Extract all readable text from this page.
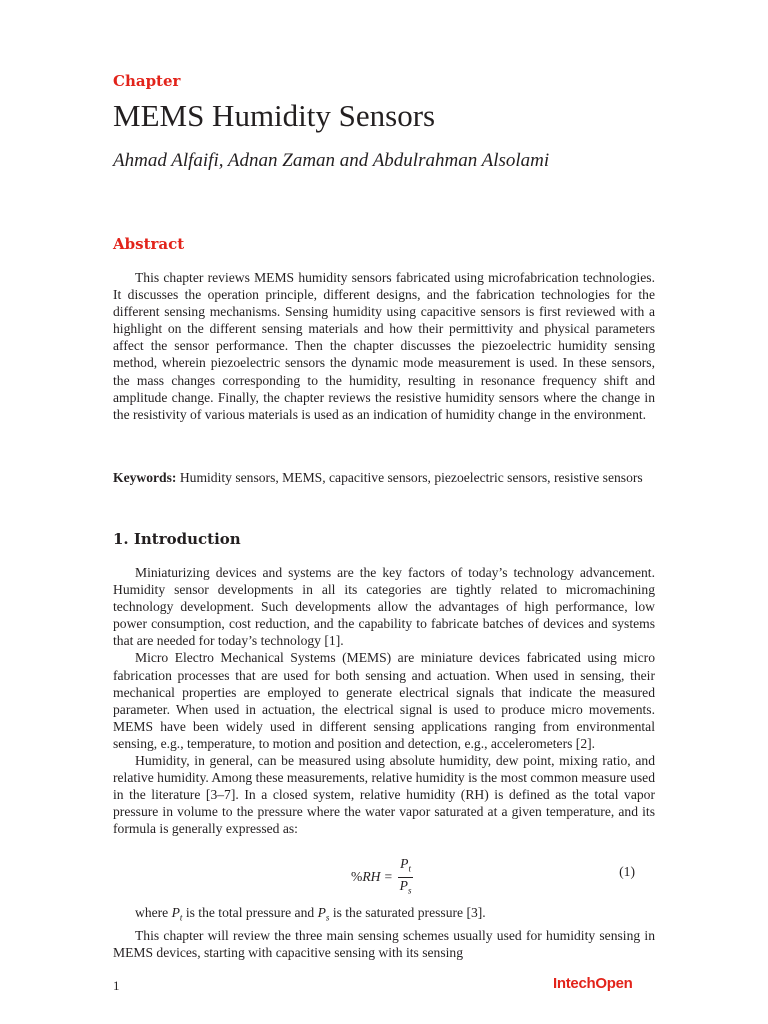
Chapter
MEMS Humidity Sensors
Ahmad Alfaifi, Adnan Zaman and Abdulrahman Alsolami
Abstract

This chapter reviews MEMS humidity sensors fabricated using microfabrication technologies. It discusses the operation principle, different designs, and the fabrication technologies for the different sensing mechanisms. Sensing humidity using capacitive sensors is first reviewed with a highlight on the different sensing materials and how their permittivity and physical parameters affect the sensor performance. Then the chapter discusses the piezoelectric humidity sensing method, wherein piezoelectric sensors the dynamic mode measurement is used. In these sensors, the mass changes corresponding to the humidity, resulting in resonance frequency shift and amplitude change. Finally, the chapter reviews the resistive humidity sensors where the change in the resistivity of various materials is used as an indication of humidity change in the environment.

Keywords: Humidity sensors, MEMS, capacitive sensors, piezoelectric sensors, resistive sensors
1. Introduction

Miniaturizing devices and systems are the key factors of today’s technology advancement. Humidity sensor developments in all its categories are tightly related to micromachining technology development. Such developments allow the advantages of high performance, low power consumption, cost reduction, and the capability to fabricate batches of devices and systems that are needed for today’s technology [1].

Micro Electro Mechanical Systems (MEMS) are miniature devices fabricated using micro fabrication processes that are used for both sensing and actuation. When used in sensing, their mechanical properties are employed to generate electrical signals that indicate the measured parameter. When used in actuation, the electrical signal is used to produce micro movements. MEMS have been widely used in different sensing applications ranging from environmental sensing, e.g., temperature, to motion and position and detection, e.g., accelerometers [2].

Humidity, in general, can be measured using absolute humidity, dew point, mixing ratio, and relative humidity. Among these measurements, relative humidity is the most common measure used in the literature [3–7]. In a closed system, relative humidity (RH) is defined as the total vapor pressure in volume to the pressure where the water vapor saturated at a given temperature, and its formula is generally expressed as:

$\%RH = \frac{P_t}{P_s}$	(1)

where $P_t$ is the total pressure and $P_s$ is the saturated pressure [3].

This chapter will review the three main sensing schemes usually used for humidity sensing in MEMS devices, starting with capacitive sensing with its sensing

1	IntechOpen
